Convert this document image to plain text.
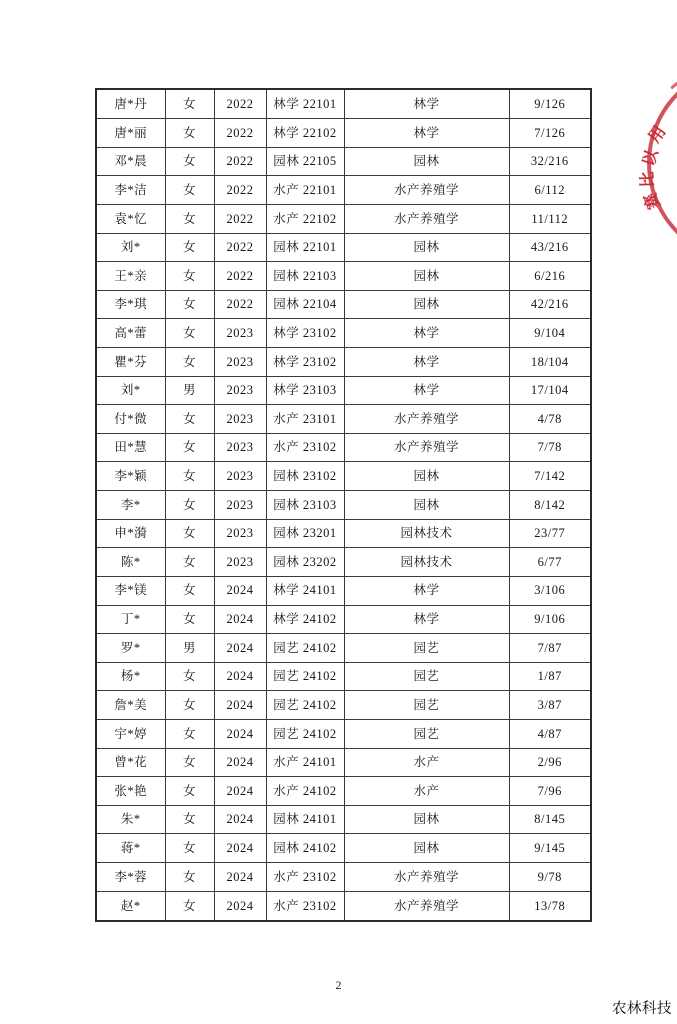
唐*丹	女	2022	林学 22101	林学	9/126
唐*丽	女	2022	林学 22102	林学	7/126
邓*晨	女	2022	园林 22105	园林	32/216
李*洁	女	2022	水产 22101	水产养殖学	6/112
袁*忆	女	2022	水产 22102	水产养殖学	11/112
刘*	女	2022	园林 22101	园林	43/216
王*亲	女	2022	园林 22103	园林	6/216
李*琪	女	2022	园林 22104	园林	42/216
高*蕾	女	2023	林学 23102	林学	9/104
瞿*芬	女	2023	林学 23102	林学	18/104
刘*	男	2023	林学 23103	林学	17/104
付*微	女	2023	水产 23101	水产养殖学	4/78
田*慧	女	2023	水产 23102	水产养殖学	7/78
李*颖	女	2023	园林 23102	园林	7/142
李*	女	2023	园林 23103	园林	8/142
申*漪	女	2023	园林 23201	园林技术	23/77
陈*	女	2023	园林 23202	园林技术	6/77
李*镁	女	2024	林学 24101	林学	3/106
丁*	女	2024	林学 24102	林学	9/106
罗*	男	2024	园艺 24102	园艺	7/87
杨*	女	2024	园艺 24102	园艺	1/87
詹*美	女	2024	园艺 24102	园艺	3/87
宇*婷	女	2024	园艺 24102	园艺	4/87
曾*花	女	2024	水产 24101	水产	2/96
张*艳	女	2024	水产 24102	水产	7/96
朱*	女	2024	园林 24101	园林	8/145
蒋*	女	2024	园林 24102	园林	9/145
李*蓉	女	2024	水产 23102	水产养殖学	9/78
赵*	女	2024	水产 23102	水产养殖学	13/78
用
以
比
赛
2
农林科技
